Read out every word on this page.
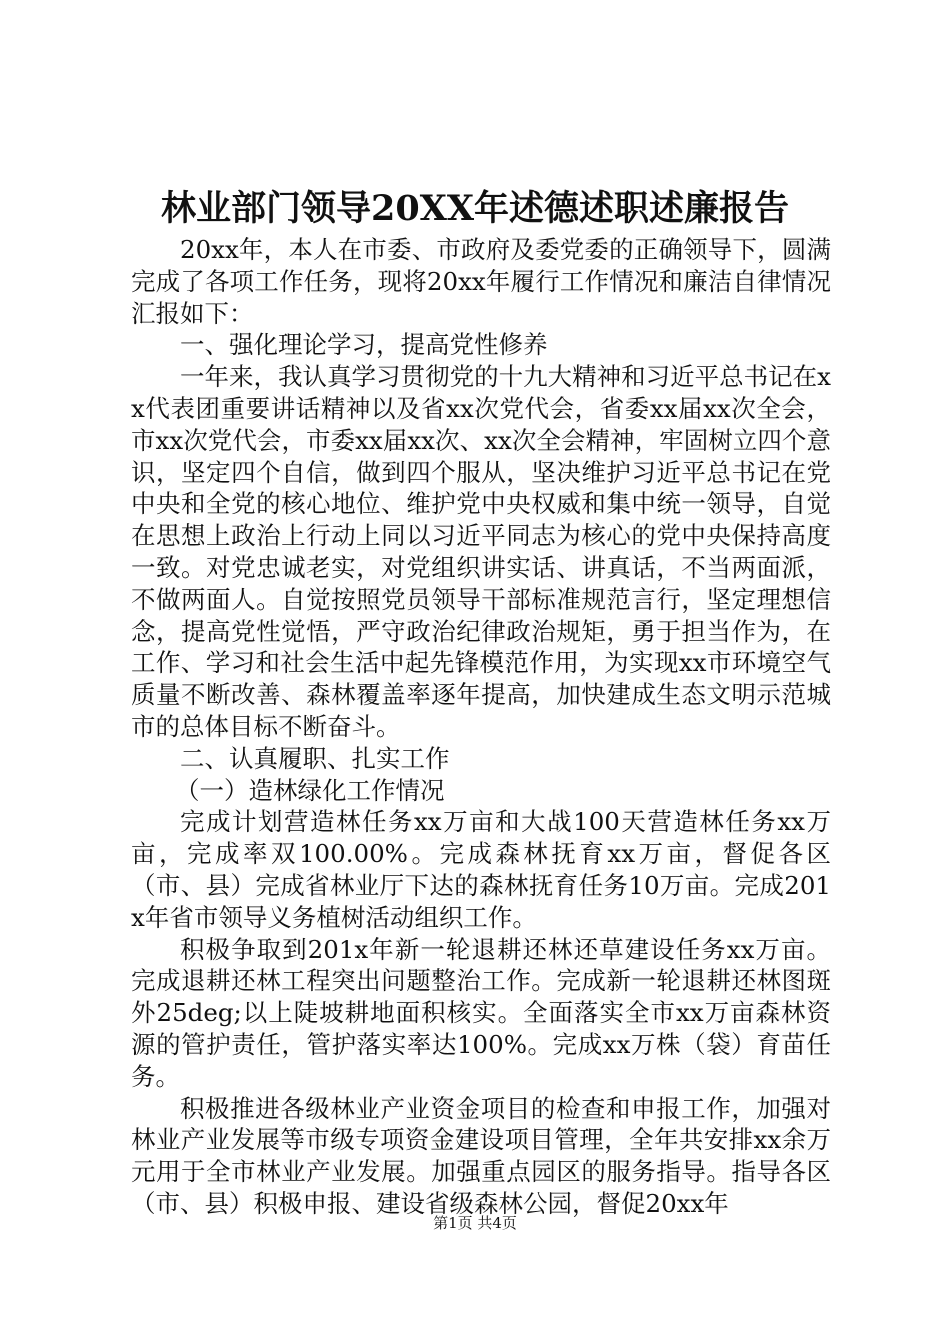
林业部门领导20XX年述德述职述廉报告

20xx年，本人在市委、市政府及委党委的正确领导下，圆满完成了各项工作任务，现将20xx年履行工作情况和廉洁自律情况汇报如下：

一、强化理论学习，提高党性修养

一年来，我认真学习贯彻党的十九大精神和习近平总书记在xx代表团重要讲话精神以及省xx次党代会，省委xx届xx次全会，市xx次党代会，市委xx届xx次、xx次全会精神，牢固树立四个意识，坚定四个自信，做到四个服从，坚决维护习近平总书记在党中央和全党的核心地位、维护党中央权威和集中统一领导，自觉在思想上政治上行动上同以习近平同志为核心的党中央保持高度一致。对党忠诚老实，对党组织讲实话、讲真话，不当两面派，不做两面人。自觉按照党员领导干部标准规范言行，坚定理想信念，提高党性觉悟，严守政治纪律政治规矩，勇于担当作为，在工作、学习和社会生活中起先锋模范作用，为实现xx市环境空气质量不断改善、森林覆盖率逐年提高，加快建成生态文明示范城市的总体目标不断奋斗。

二、认真履职、扎实工作

（一）造林绿化工作情况

完成计划营造林任务xx万亩和大战100天营造林任务xx万亩，完成率双100.00%。完成森林抚育xx万亩，督促各区（市、县）完成省林业厅下达的森林抚育任务10万亩。完成201x年省市领导义务植树活动组织工作。

积极争取到201x年新一轮退耕还林还草建设任务xx万亩。完成退耕还林工程突出问题整治工作。完成新一轮退耕还林图斑外25deg;以上陡坡耕地面积核实。全面落实全市xx万亩森林资源的管护责任，管护落实率达100%。完成xx万株（袋）育苗任务。

积极推进各级林业产业资金项目的检查和申报工作，加强对林业产业发展等市级专项资金建设项目管理，全年共安排xx余万元用于全市林业产业发展。加强重点园区的服务指导。指导各区（市、县）积极申报、建设省级森林公园，督促20xx年

第1页 共4页
